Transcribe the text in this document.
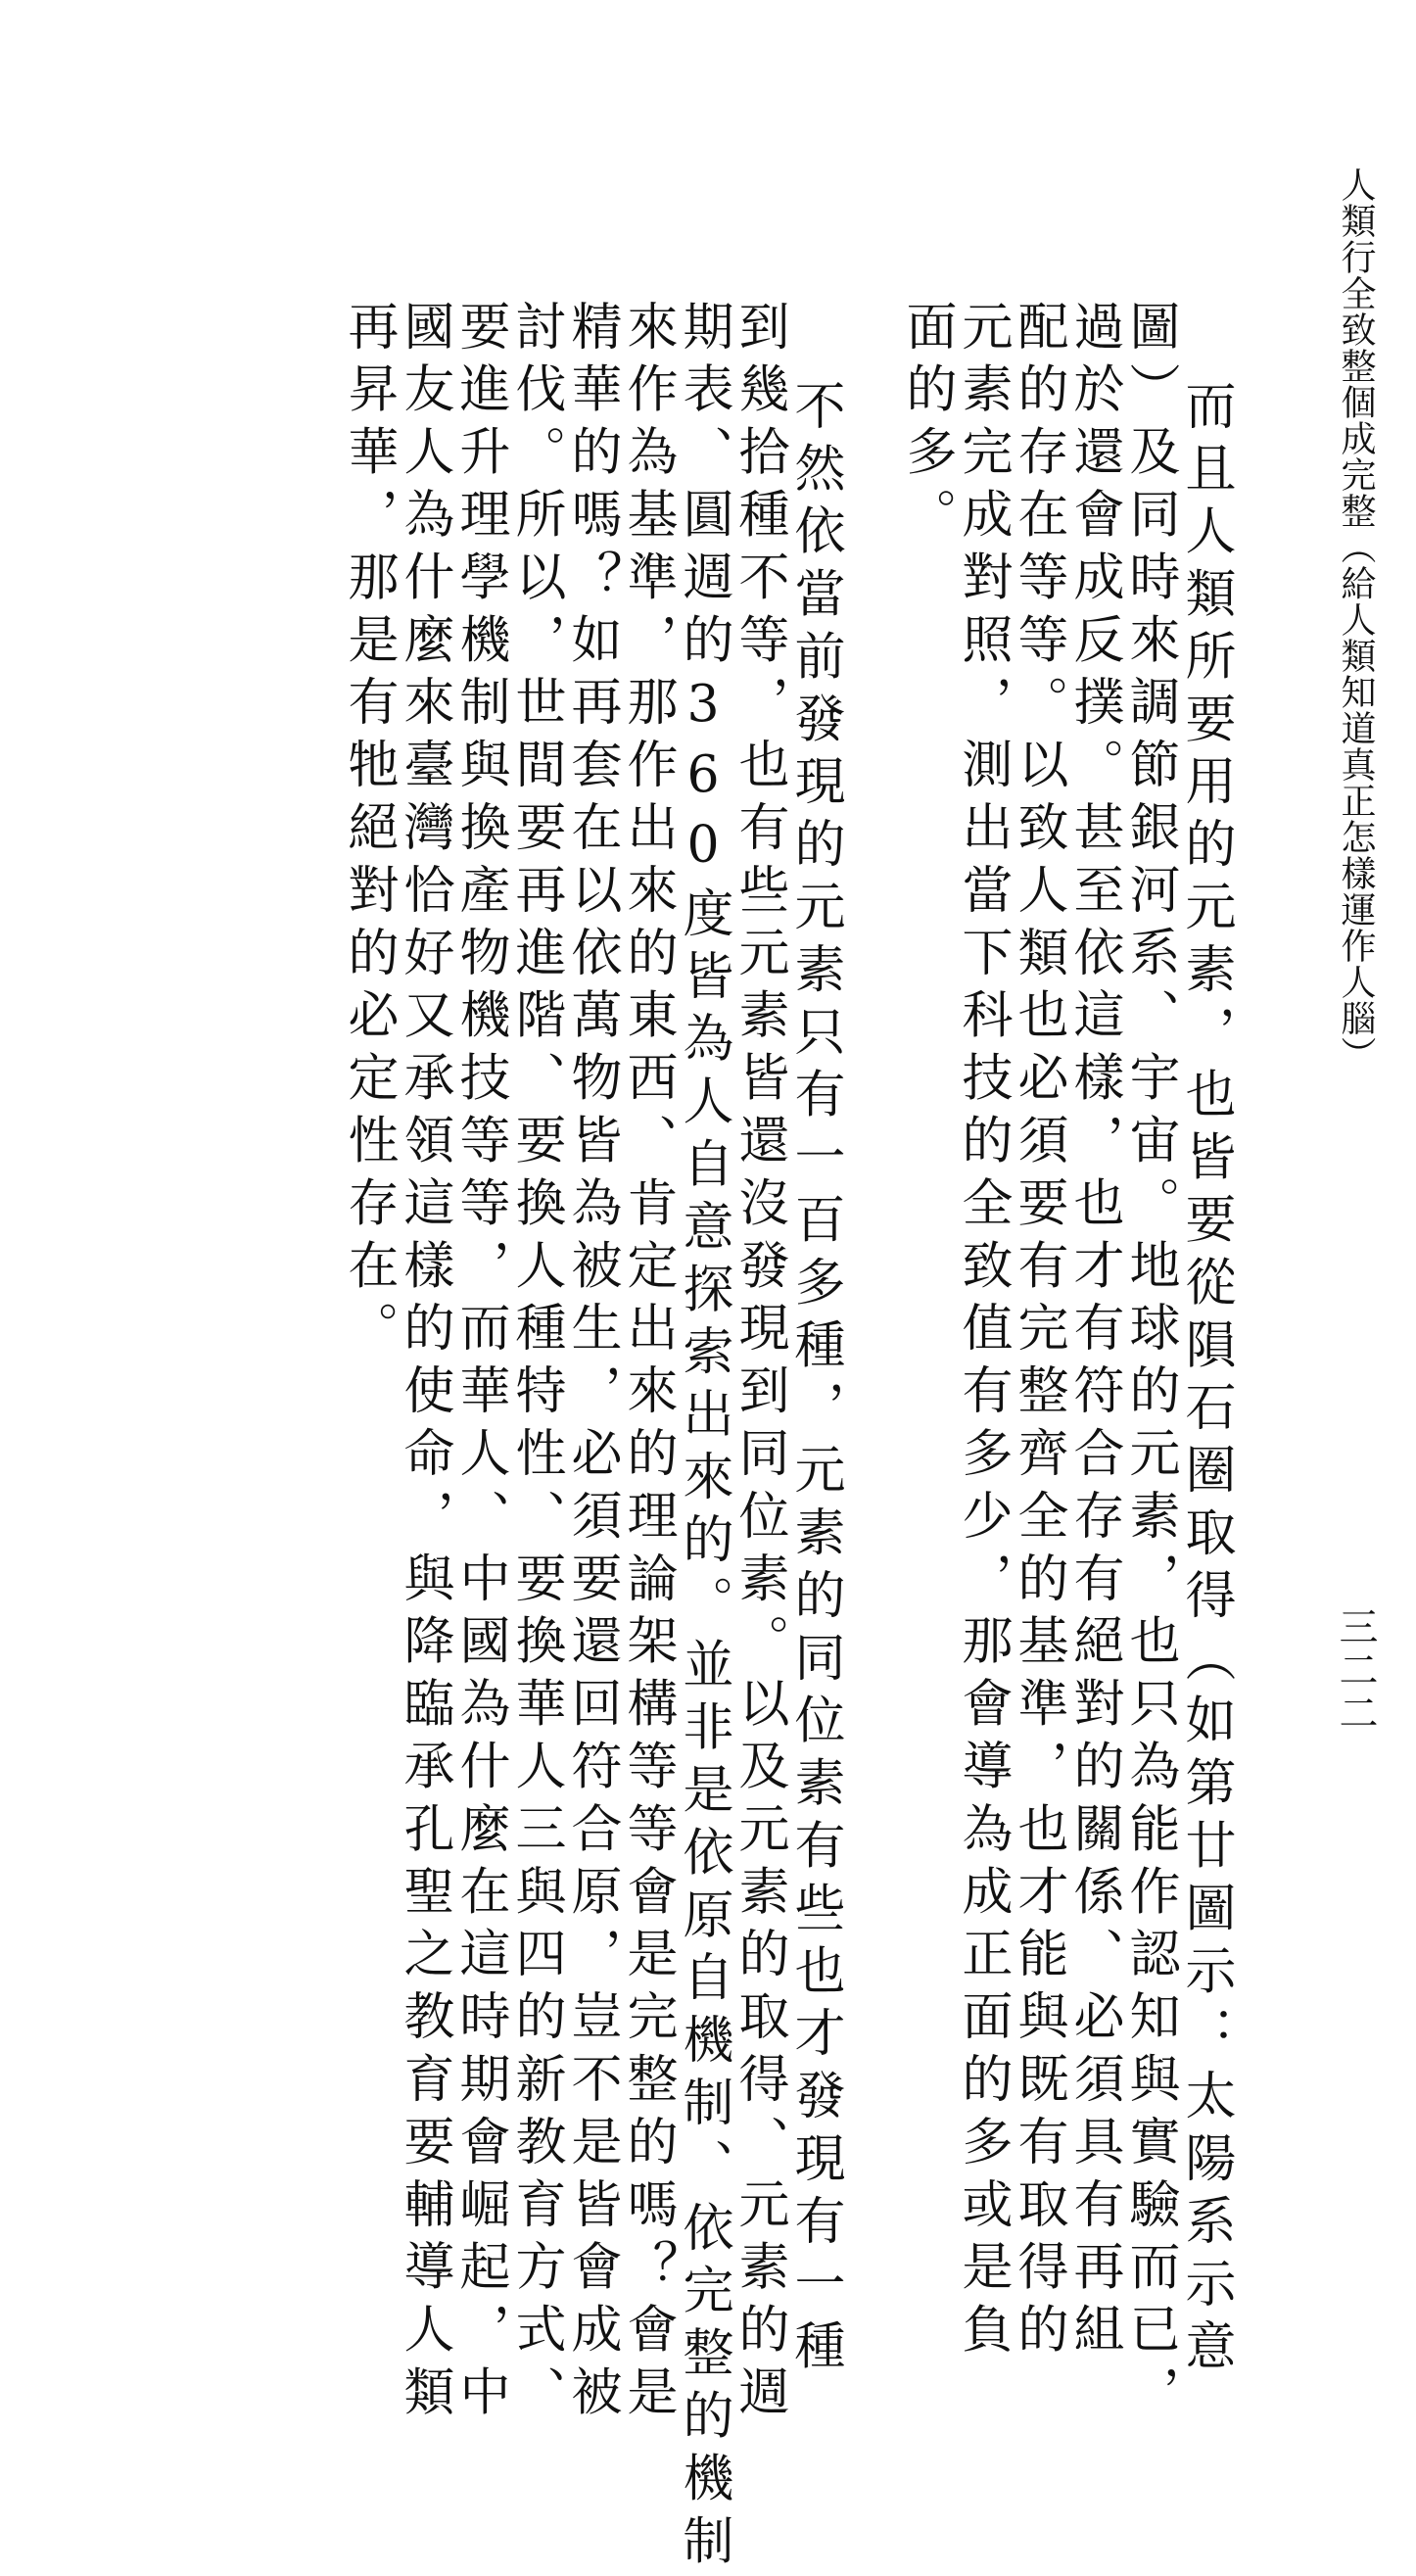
人類行全致整個成完整︵給人類知道真正怎樣運作人腦︶
三二二
而且人類所要用的元素，也皆要從隕石圈取得︵如第廿圖示：太陽系示意
圖︶及同時來調節銀河系、宇宙。地球的元素，也只為能作認知與實驗而已，
過於還會成反撲。甚至依這樣，也才有符合存有絕對的關係、必須具有再組
配的存在等等。以致人類也必須要有完整齊全的基準，也才能與既有取得的
元素完成對照，測出當下科技的全致值有多少，那會導為成正面的多或是負
面的多。
不然依當前發現的元素只有一百多種，元素的同位素有些也才發現有一種
到幾拾種不等，也有些元素皆還沒發現到同位素。以及元素的取得、元素的週
期表、圓週的360度皆為人自意探索出來的。並非是依原自機制、依完整的機制
來作為基準，那作出來的東西、肯定出來的理論架構等等會是完整的嗎？會是
精華的嗎？如再套在以依萬物皆為被生，必須要還回符合原，豈不是皆會成被
討伐。所以，世間要再進階、要換人種特性、要換華人三與四的新教育方式、
要進升理學機制與換產物機技等等，而華人、中國為什麼在這時期會崛起，中
國友人為什麼來臺灣恰好又承領這樣的使命，與降臨承孔聖之教育要輔導人類
再昇華，那是有牠絕對的必定性存在。
